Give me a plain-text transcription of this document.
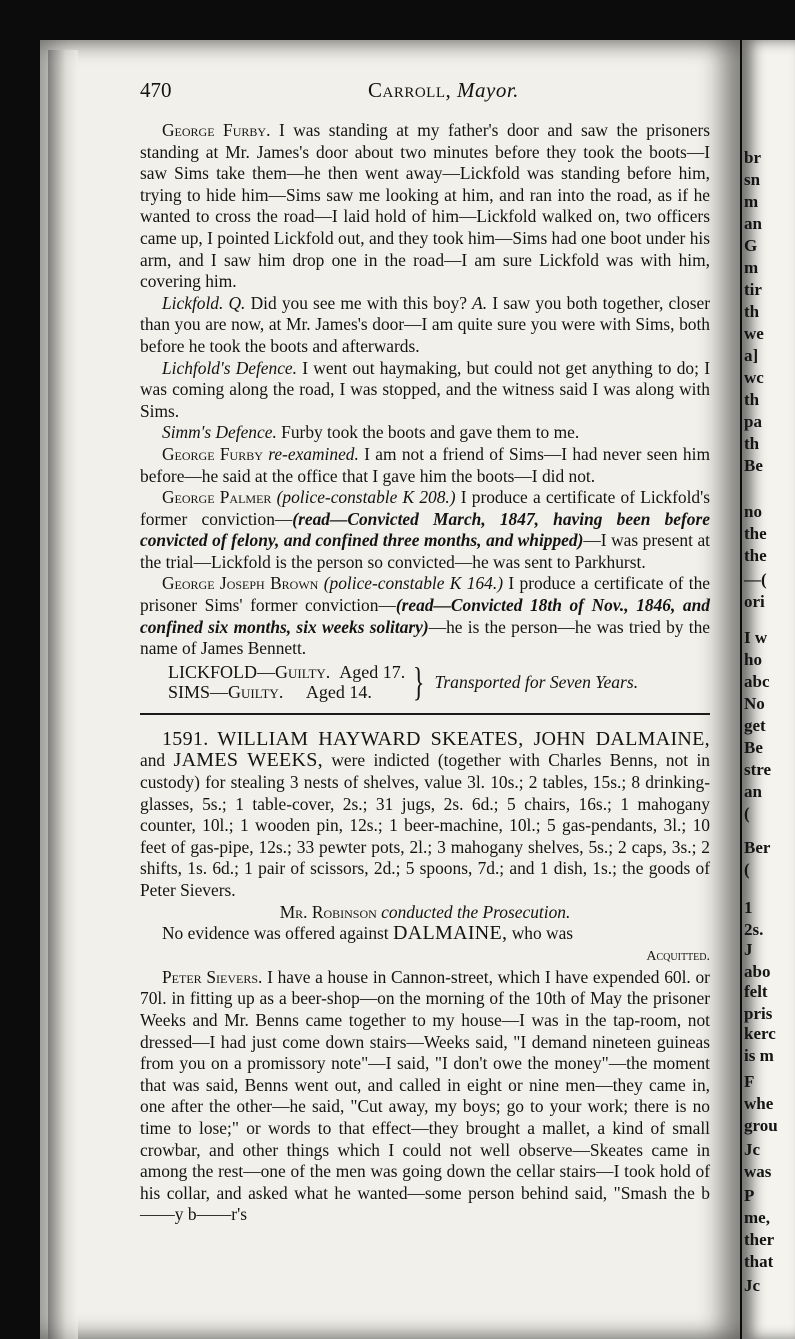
470	Carroll, Mayor.

George Furby. I was standing at my father's door and saw the prisoners standing at Mr. James's door about two minutes before they took the boots—I saw Sims take them—he then went away—Lickfold was standing before him, trying to hide him—Sims saw me looking at him, and ran into the road, as if he wanted to cross the road—I laid hold of him—Lickfold walked on, two officers came up, I pointed Lickfold out, and they took him—Sims had one boot under his arm, and I saw him drop one in the road—I am sure Lickfold was with him, covering him.

Lickfold. Q. Did you see me with this boy? A. I saw you both together, closer than you are now, at Mr. James's door—I am quite sure you were with Sims, both before he took the boots and afterwards.

Lichfold's Defence. I went out haymaking, but could not get anything to do; I was coming along the road, I was stopped, and the witness said I was along with Sims.

Simm's Defence. Furby took the boots and gave them to me.

George Furby re-examined. I am not a friend of Sims—I had never seen him before—he said at the office that I gave him the boots—I did not.

George Palmer (police-constable K 208.) I produce a certificate of Lickfold's former conviction—(read—Convicted March, 1847, having been before convicted of felony, and confined three months, and whipped)—I was present at the trial—Lickfold is the person so convicted—he was sent to Parkhurst.

George Joseph Brown (police-constable K 164.) I produce a certificate of the prisoner Sims' former conviction—(read—Convicted 18th of Nov., 1846, and confined six months, six weeks solitary)—he is the person—he was tried by the name of James Bennett.

LICKFOLD—Guilty. Aged 17.
SIMS—Guilty. Aged 14.	} Transported for Seven Years.

1591. WILLIAM HAYWARD SKEATES, JOHN DALMAINE, and JAMES WEEKS, were indicted (together with Charles Benns, not in custody) for stealing 3 nests of shelves, value 3l. 10s.; 2 tables, 15s.; 8 drinking-glasses, 5s.; 1 table-cover, 2s.; 31 jugs, 2s. 6d.; 5 chairs, 16s.; 1 mahogany counter, 10l.; 1 wooden pin, 12s.; 1 beer-machine, 10l.; 5 gas-pendants, 3l.; 10 feet of gas-pipe, 12s.; 33 pewter pots, 2l.; 3 mahogany shelves, 5s.; 2 caps, 3s.; 2 shifts, 1s. 6d.; 1 pair of scissors, 2d.; 5 spoons, 7d.; and 1 dish, 1s.; the goods of Peter Sievers.

Mr. Robinson conducted the Prosecution.

No evidence was offered against DALMAINE, who was

Acquitted.

Peter Sievers. I have a house in Cannon-street, which I have expended 60l. or 70l. in fitting up as a beer-shop—on the morning of the 10th of May the prisoner Weeks and Mr. Benns came together to my house—I was in the tap-room, not dressed—I had just come down stairs—Weeks said, "I demand nineteen guineas from you on a promissory note"—I said, "I don't owe the money"—the moment that was said, Benns went out, and called in eight or nine men—they came in, one after the other—he said, "Cut away, my boys; go to your work; there is no time to lose;" or words to that effect—they brought a mallet, a kind of small crowbar, and other things which I could not well observe—Skeates came in among the rest—one of the men was going down the cellar stairs—I took hold of his collar, and asked what he wanted—some person behind said, "Smash the b——y b——r's

br
sn
m
an
G
m
tir
th
we
a]
wc
th
pa
th
Be
no
the
the
—(
ori
I w
ho
abc
No
get
Be
stre
an
(
Ber
(
1
2s.
J
abo
felt
pris
kerc
is m
F
whe
grou
Jc
was
P
me,
ther
that
Jc
